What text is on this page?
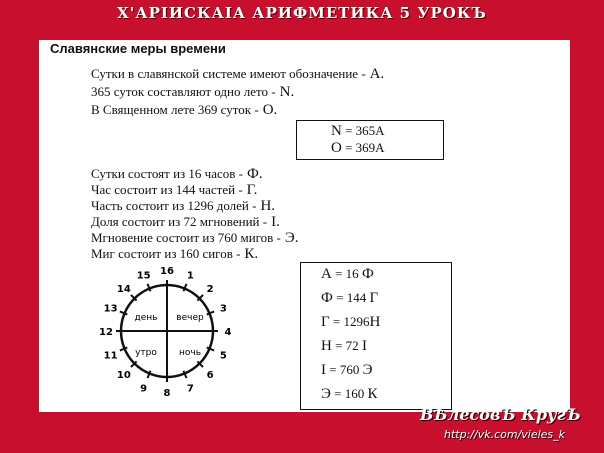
Х'АРІИСКАIА АРИФМЕТИКА 5 УРОКЪ
Славянские меры времени
Сутки в славянской системе имеют обозначение - А.
365 суток составляют одно лето - N.
В Священном лете 369 суток - О.
N = 365А
О = 369А
Сутки состоят из 16 часов - Ф.
Час состоит из 144 частей - Г.
Часть состоит из 1296 долей - Н.
Доля состоит из 72 мгновений - І.
Мгновение состоит из 760 мигов - Э.
Миг состоит из 160 сигов - К.
А = 16 Ф
Ф = 144 Г
Г = 1296Н
Н = 72 І
І = 760 Э
Э = 160 К
16 1
2
3
4
5
6
7
8
9
10
11
12
13
14
15
день вечер
утро ночь
ВѢлесовЪ КругЪ
http://vk.com/vieles_k
